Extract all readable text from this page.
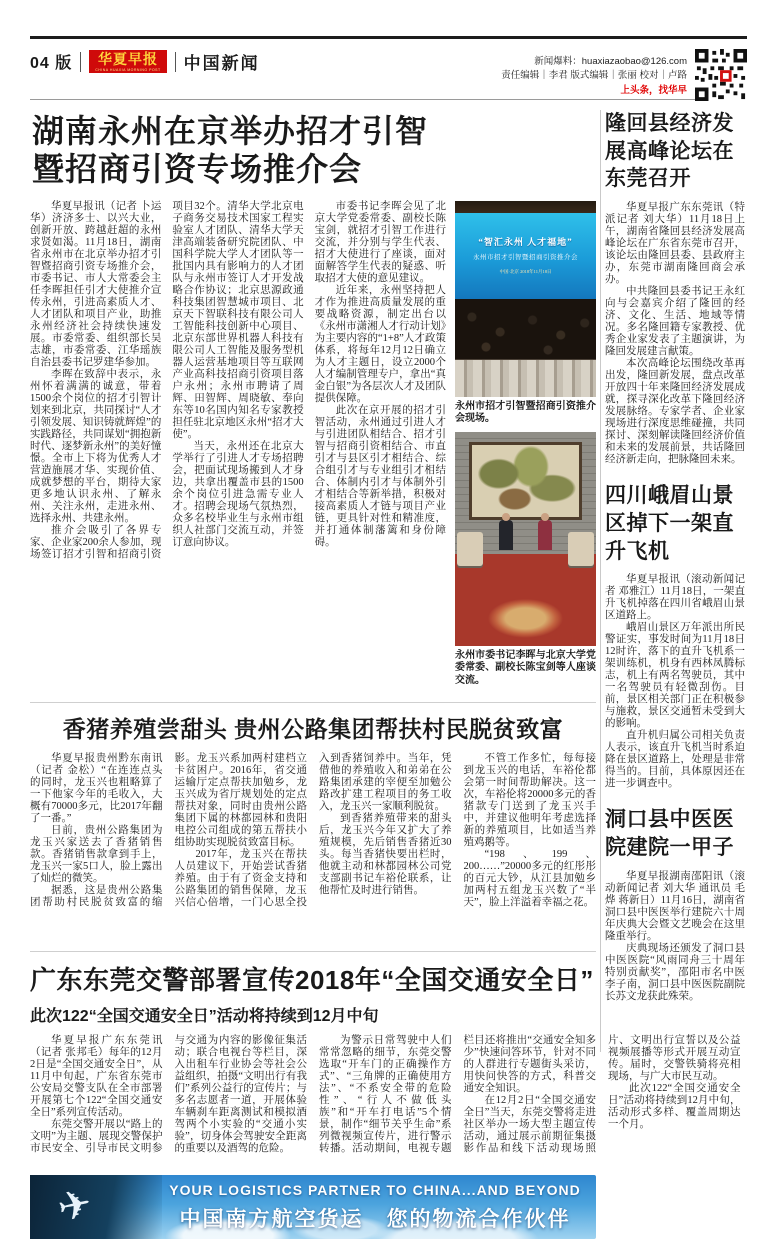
04 版	华夏早报
CHINA HUAXIA MORNING POST 中国新闻	新闻爆料：huaxiazaobao@126.com
责任编辑｜李君 版式编辑｜张丽 校对｜卢路
上头条，找华早
湖南永州在京举办招才引智
暨招商引资专场推介会

华夏早报讯（记者 卜运华）济济多士、以兴大业，创新开放、跨越赶超的永州求贤如渴。11月18日，湖南省永州市在北京举办招才引智暨招商引资专场推介会，市委书记、市人大常委会主任李晖担任引才大使推介宣传永州，引进高素质人才、人才团队和项目产业，助推永州经济社会持续快速发展。市委常委、组织部长吴志雄，市委常委、江华瑶族自治县委书记罗建华参加。

李晖在致辞中表示，永州怀着满满的诚意，带着1500余个岗位的招才引智计划来到北京，共同探讨“人才引领发展、知识铸就辉煌”的实践路径，共同谋划“拥抱新时代、逐梦新永州”的美好憧憬。全市上下将为优秀人才营造施展才华、实现价值、成就梦想的平台，期待大家更多地认识永州、了解永州、关注永州，走进永州、选择永州、共建永州。

推介会吸引了各界专家、企业家200余人参加，现场签订招才引智和招商引资项目32个。清华大学北京电子商务交易技术国家工程实验室人才团队、清华大学天津高端装备研究院团队、中国科学院大学人才团队等一批国内具有影响力的人才团队与永州市签订人才开发战略合作协议；北京思源政通科技集团智慧城市项目、北京天下智联科技有限公司人工智能科技创新中心项目、北京东部世界机器人科技有限公司人工智能及服务型机器人运营基地项目等互联网产业高科技招商引资项目落户永州；永州市聘请了周辉、田智辉、周晓敏、奉向东等10名国内知名专家教授担任驻北京地区永州“招才大使”。

当天，永州还在北京大学举行了引进人才专场招聘会，把面试现场搬到人才身边，共拿出覆盖市县的1500余个岗位引进急需专业人才。招聘会现场气氛热烈，众多名校毕业生与永州市组织人社部门交流互动，并签订意向协议。

市委书记李晖会见了北京大学党委常委、副校长陈宝剑，就招才引智工作进行交流，并分别与学生代表、招才大使进行了座谈，面对面解答学生代表的疑惑、听取招才大使的意见建议。

近年来，永州坚持把人才作为推进高质量发展的重要战略资源，制定出台以《永州市潇湘人才行动计划》为主要内容的“1+8”人才政策体系，将每年12月12日确立为人才主题日，设立2000个人才编制管理专户，拿出“真金白银”为各层次人才及团队提供保障。

此次在京开展的招才引智活动，永州通过引进人才与引进团队相结合、招才引智与招商引资相结合、市直引才与县区引才相结合、综合组引才与专业组引才相结合、体制内引才与体制外引才相结合等新举措，积极对接高素质人才链与项目产业链，更具针对性和精准度，并打通体制藩篱和身份障碍。

“智汇永州 人才福地”
永州市招才引智暨招商引资推介会
中国·北京 2018年11月18日
永州市招才引智暨招商引资推介会现场。
永州市委书记李晖与北京大学党委常委、副校长陈宝剑等人座谈交流。
香猪养殖尝甜头 贵州公路集团帮扶村民脱贫致富

华夏早报贵州黔东南讯（记者 金松）“在连连点头的同时，龙玉兴也粗略算了一下他家今年的毛收入，大概有70000多元，比2017年翻了一番。”

日前，贵州公路集团为龙玉兴家送去了香猪销售款。香猪销售款拿到手上，龙玉兴一家5口人，脸上露出了灿烂的微笑。

据悉，这是贵州公路集团帮助村民脱贫致富的缩影。龙玉兴系加两村建档立卡贫困户。2016年，省交通运输厅定点帮扶加勉乡，龙玉兴成为省厅规划处的定点帮扶对象，同时由贵州公路集团下属的林都园林和贵阳电控公司组成的第五帮扶小组协助实现脱贫致富目标。

2017年，龙玉兴在帮扶人员建议下，开始尝试香猪养殖。由于有了资金支持和公路集团的销售保障，龙玉兴信心倍增，一门心思全投入到香猪饲养中。当年，凭借他的养殖收入和弟弟在公路集团承建的宰便至加勉公路改扩建工程项目的务工收入，龙玉兴一家顺利脱贫。

到香猪养殖带来的甜头后，龙玉兴今年又扩大了养殖规模，先后销售香猪近30头。每当香猪快要出栏时，他就主动和林都园林公司党支部副书记车裕伦联系，让他帮忙及时进行销售。

不管工作多忙，每每接到龙玉兴的电话，车裕伦都会第一时间帮助解决。这一次，车裕伦将20000多元的香猪款专门送到了龙玉兴手中，并建议他明年考虑选择新的养殖项目，比如适当养殖鸡鹅等。

“198、199、200……”20000多元的红彤彤的百元大钞，从江县加勉乡加两村五组龙玉兴数了“半天”，脸上洋溢着幸福之花。

广东东莞交警部署宣传2018年“全国交通安全日”
此次122“全国交通安全日”活动将持续到12月中旬

华夏早报广东东莞讯（记者 张邦毛）每年的12月2日是“全国交通安全日”，从11月中旬起，广东省东莞市公安局交警支队在全市部署开展第七个122“全国交通安全日”系列宣传活动。

东莞交警开展以“路上的文明”为主题、展现交警保护市民安全、引导市民文明参与交通为内容的影像征集活动；联合电视台等栏目，深入出租车行业协会等社会公益组织，拍摄“文明出行有我们”系列公益行的宣传片；与多名志愿者一道，开展体验车辆刹车距离测试和模拟酒驾两个小实验的“交通小实验”，切身体会驾驶安全距离的重要以及酒驾的危险。

为警示日常驾驶中人们常常忽略的细节，东莞交警选取“开车门的正确操作方式”、“三角牌的正确使用方法”、“不系安全带的危险性”、“行人不做低头族”和“开车打电话”5个情景，制作“细节关乎生命”系列微视频宣传片，进行警示转播。活动期间，电视专题栏目还将推出“交通安全知多少”快速问答环节，针对不同的人群进行专题街头采访，用快问快答的方式，科普交通安全知识。

在12月2日“全国交通安全日”当天，东莞交警将走进社区举办一场大型主题宣传活动，通过展示前期征集摄影作品和线下活动现场照片、文明出行宣誓以及公益视频展播等形式开展互动宣传。届时，交警铁骑将亮相现场，与广大市民互动。

此次122“全国交通安全日”活动将持续到12月中旬，活动形式多样、覆盖周期达一个月。

✈	YOUR LOGISTICS PARTNER TO CHINA...AND BEYOND
中国南方航空货运　您的物流合作伙伴
隆回县经济发展高峰论坛在东莞召开

华夏早报广东东莞讯（特派记者 刘大华）11月18日上午，湖南省隆回县经济发展高峰论坛在广东省东莞市召开，该论坛由隆回县委、县政府主办，东莞市湖南隆回商会承办。

中共隆回县委书记王永红向与会嘉宾介绍了隆回的经济、文化、生活、地域等情况。多名隆回籍专家教授、优秀企业家发表了主题演讲，为隆回发展建言献策。

本次高峰论坛围绕改革再出发，隆回新发展，盘点改革开放四十年来隆回经济发展成就，探寻深化改革下隆回经济发展脉络。专家学者、企业家现场进行深度思维碰撞，共同探讨、深刻解读隆回经济价值和未来的发展前景，共话隆回经济新走向，把脉隆回未来。

四川峨眉山景区掉下一架直升飞机

华夏早报讯（滚动新闻记者 邓雅江）11月18日，一架直升飞机掉落在四川省峨眉山景区道路上。

峨眉山景区万年派出所民警证实，事发时间为11月18日12时许，落下的直升飞机系一架训练机，机身有西林凤腾标志，机上有两名驾驶员，其中一名驾驶员有轻微刮伤。目前，景区相关部门正在积极参与施救，景区交通暂未受到大的影响。

直升机归属公司相关负责人表示，该直升飞机当时系迫降在景区道路上，处理是非常得当的。目前，具体原因还在进一步调查中。

洞口县中医医院建院一甲子

华夏早报湖南邵阳讯（滚动新闻记者 刘大华 通讯员 毛烨 蒋新日）11月16日，湖南省洞口县中医医举行建院六十周年庆典大会暨文艺晚会在这里隆重举行。

庆典现场还颁发了洞口县中医医院“风雨同舟三十周年特别贡献奖”，邵阳市名中医李子南，洞口县中医医院副院长苏文龙获此殊荣。
